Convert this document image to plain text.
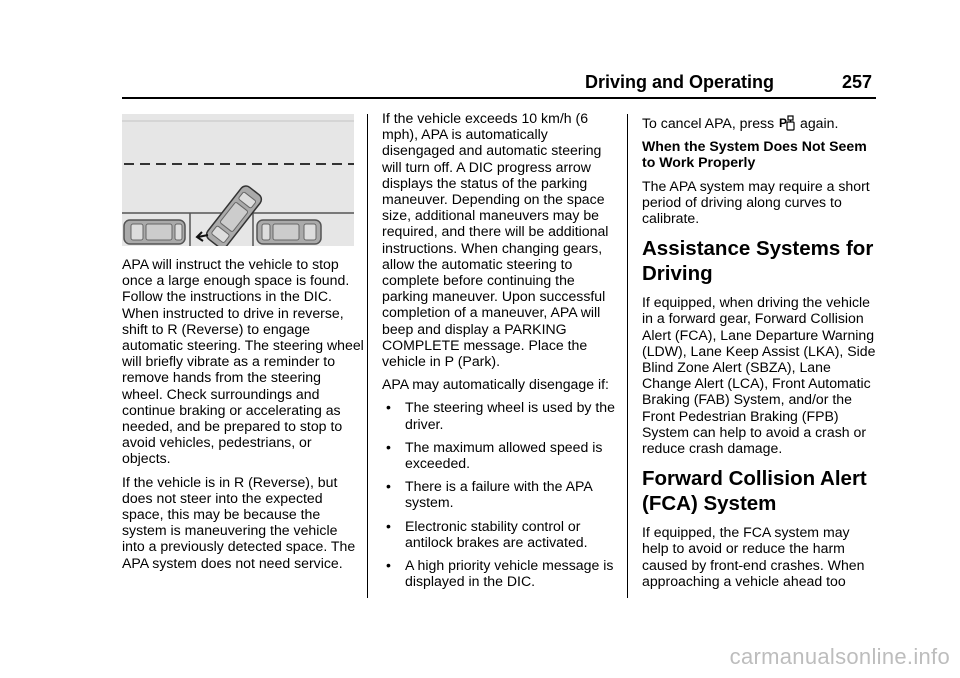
Driving and Operating	257

APA will instruct the vehicle to stop once a large enough space is found. Follow the instructions in the DIC. When instructed to drive in reverse, shift to R (Reverse) to engage automatic steering. The steering wheel will briefly vibrate as a reminder to remove hands from the steering wheel. Check surroundings and continue braking or accelerating as needed, and be prepared to stop to avoid vehicles, pedestrians, or objects.

If the vehicle is in R (Reverse), but does not steer into the expected space, this may be because the system is maneuvering the vehicle into a previously detected space. The APA system does not need service.

If the vehicle exceeds 10 km/h (6 mph), APA is automatically disengaged and automatic steering will turn off. A DIC progress arrow displays the status of the parking maneuver. Depending on the space size, additional maneuvers may be required, and there will be additional instructions. When changing gears, allow the automatic steering to complete before continuing the parking maneuver. Upon successful completion of a maneuver, APA will beep and display a PARKING COMPLETE message. Place the vehicle in P (Park).

APA may automatically disengage if:

• The steering wheel is used by the driver.
• The maximum allowed speed is exceeded.
• There is a failure with the APA system.
• Electronic stability control or antilock brakes are activated.
• A high priority vehicle message is displayed in the DIC.

To cancel APA, press P again.

When the System Does Not Seem to Work Properly

The APA system may require a short period of driving along curves to calibrate.

Assistance Systems for Driving

If equipped, when driving the vehicle in a forward gear, Forward Collision Alert (FCA), Lane Departure Warning (LDW), Lane Keep Assist (LKA), Side Blind Zone Alert (SBZA), Lane Change Alert (LCA), Front Automatic Braking (FAB) System, and/or the Front Pedestrian Braking (FPB) System can help to avoid a crash or reduce crash damage.

Forward Collision Alert (FCA) System

If equipped, the FCA system may help to avoid or reduce the harm caused by front-end crashes. When approaching a vehicle ahead too

carmanualsonline.info
